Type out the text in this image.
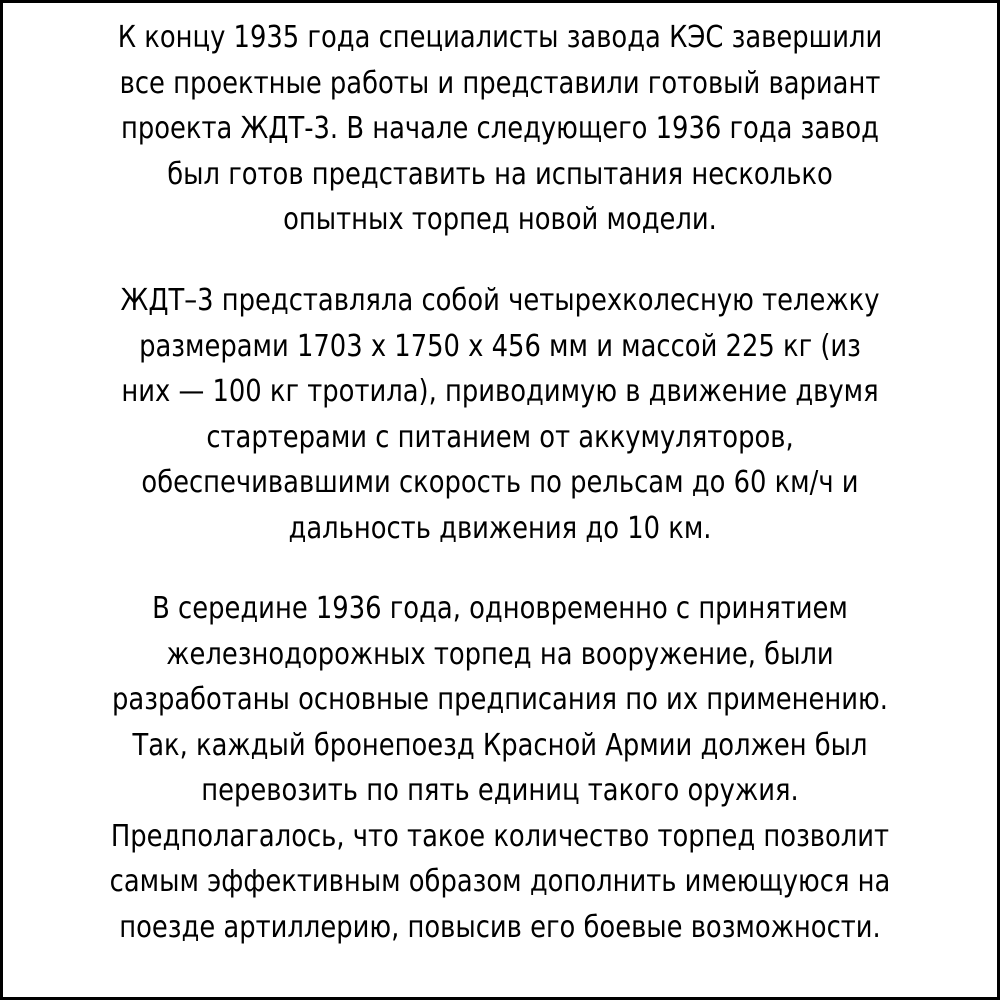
К концу 1935 года специалисты завода КЭС завершили
все проектные работы и представили готовый вариант
проекта ЖДТ-3. В начале следующего 1936 года завод
был готов представить на испытания несколько
опытных торпед новой модели.

ЖДТ–3 представляла собой четырехколесную тележку
размерами 1703 х 1750 х 456 мм и массой 225 кг (из
них — 100 кг тротила), приводимую в движение двумя
стартерами с питанием от аккумуляторов,
обеспечивавшими скорость по рельсам до 60 км/ч и
дальность движения до 10 км.

В середине 1936 года, одновременно с принятием
железнодорожных торпед на вооружение, были
разработаны основные предписания по их применению.
Так, каждый бронепоезд Красной Армии должен был
перевозить по пять единиц такого оружия.
Предполагалось, что такое количество торпед позволит
самым эффективным образом дополнить имеющуюся на
поезде артиллерию, повысив его боевые возможности.
